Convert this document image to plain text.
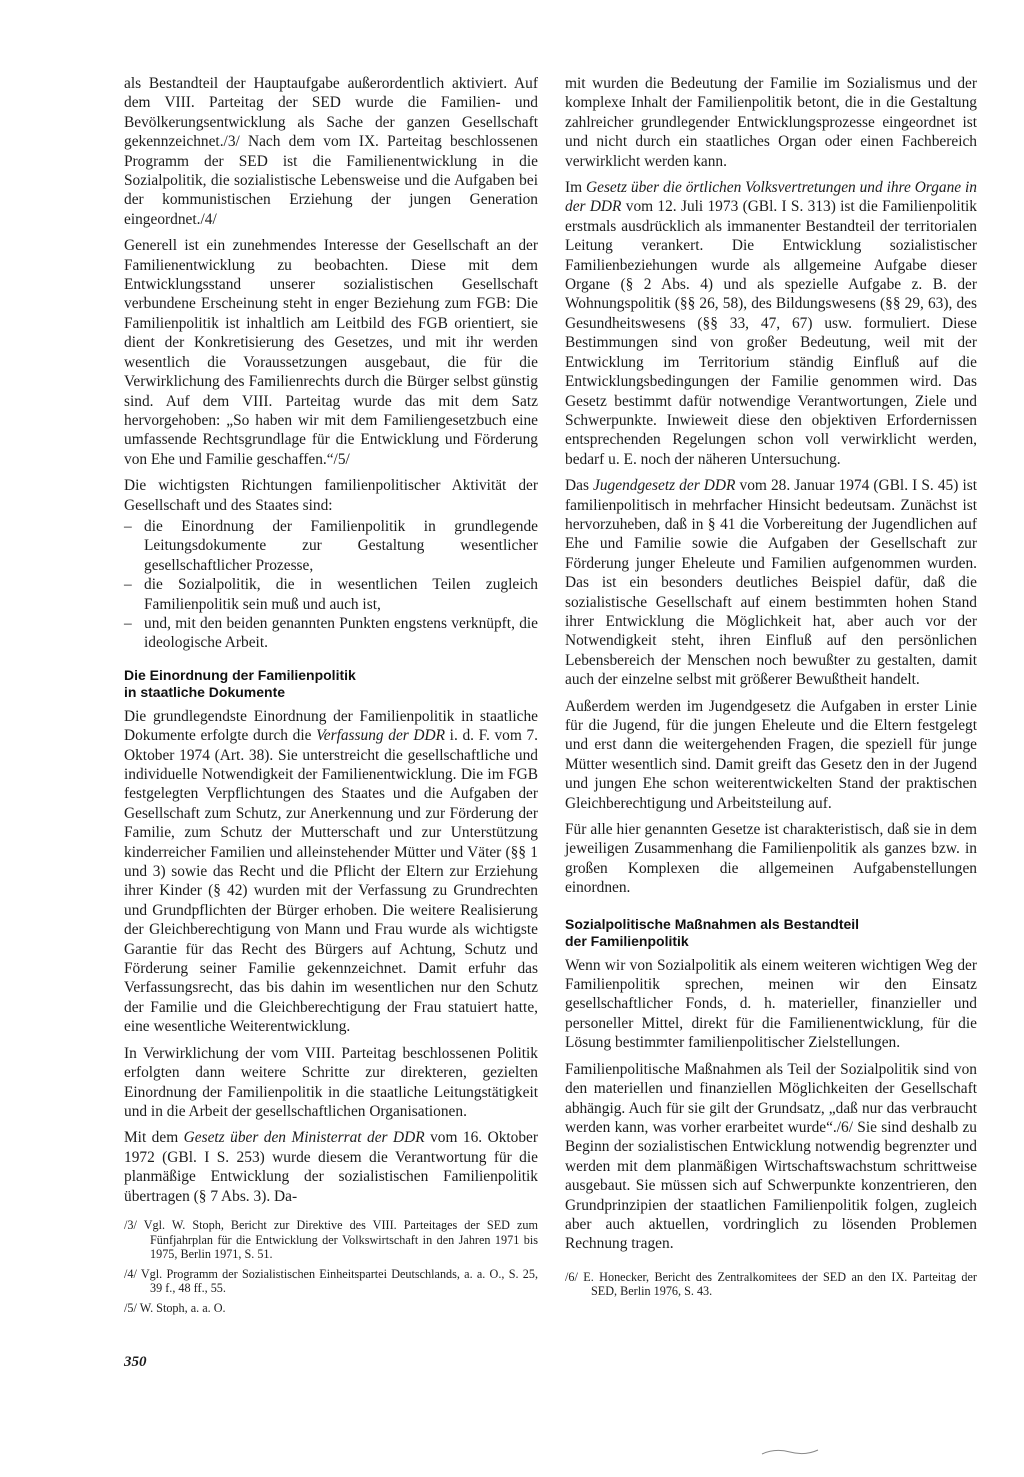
als Bestandteil der Hauptaufgabe außerordentlich aktiviert. Auf dem VIII. Parteitag der SED wurde die Familien- und Bevölkerungsentwicklung als Sache der ganzen Gesellschaft gekennzeichnet./3/ Nach dem vom IX. Parteitag beschlossenen Programm der SED ist die Familienentwicklung in die Sozialpolitik, die sozialistische Lebensweise und die Aufgaben bei der kommunistischen Erziehung der jungen Generation eingeordnet./4/

Generell ist ein zunehmendes Interesse der Gesellschaft an der Familienentwicklung zu beobachten. Diese mit dem Entwicklungsstand unserer sozialistischen Gesellschaft verbundene Erscheinung steht in enger Beziehung zum FGB: Die Familienpolitik ist inhaltlich am Leitbild des FGB orientiert, sie dient der Konkretisierung des Gesetzes, und mit ihr werden wesentlich die Voraussetzungen ausgebaut, die für die Verwirklichung des Familienrechts durch die Bürger selbst günstig sind. Auf dem VIII. Parteitag wurde das mit dem Satz hervorgehoben: „So haben wir mit dem Familiengesetzbuch eine umfassende Rechtsgrundlage für die Entwicklung und Förderung von Ehe und Familie geschaffen.“/5/

Die wichtigsten Richtungen familienpolitischer Aktivität der Gesellschaft und des Staates sind:

– die Einordnung der Familienpolitik in grundlegende Leitungsdokumente zur Gestaltung wesentlicher gesellschaftlicher Prozesse,
– die Sozialpolitik, die in wesentlichen Teilen zugleich Familienpolitik sein muß und auch ist,
– und, mit den beiden genannten Punkten engstens verknüpft, die ideologische Arbeit.
Die Einordnung der Familienpolitik
in staatliche Dokumente

Die grundlegendste Einordnung der Familienpolitik in staatliche Dokumente erfolgte durch die Verfassung der DDR i. d. F. vom 7. Oktober 1974 (Art. 38). Sie unterstreicht die gesellschaftliche und individuelle Notwendigkeit der Familienentwicklung. Die im FGB festgelegten Verpflichtungen des Staates und die Aufgaben der Gesellschaft zum Schutz, zur Anerkennung und zur Förderung der Familie, zum Schutz der Mutterschaft und zur Unterstützung kinderreicher Familien und alleinstehender Mütter und Väter (§§ 1 und 3) sowie das Recht und die Pflicht der Eltern zur Erziehung ihrer Kinder (§ 42) wurden mit der Verfassung zu Grundrechten und Grundpflichten der Bürger erhoben. Die weitere Realisierung der Gleichberechtigung von Mann und Frau wurde als wichtigste Garantie für das Recht des Bürgers auf Achtung, Schutz und Förderung seiner Familie gekennzeichnet. Damit erfuhr das Verfassungsrecht, das bis dahin im wesentlichen nur den Schutz der Familie und die Gleichberechtigung der Frau statuiert hatte, eine wesentliche Weiterentwicklung.

In Verwirklichung der vom VIII. Parteitag beschlossenen Politik erfolgten dann weitere Schritte zur direkteren, gezielten Einordnung der Familienpolitik in die staatliche Leitungstätigkeit und in die Arbeit der gesellschaftlichen Organisationen.

Mit dem Gesetz über den Ministerrat der DDR vom 16. Oktober 1972 (GBl. I S. 253) wurde diesem die Verantwortung für die planmäßige Entwicklung der sozialistischen Familienpolitik übertragen (§ 7 Abs. 3). Da-

/3/ Vgl. W. Stoph, Bericht zur Direktive des VIII. Parteitages der SED zum Fünfjahrplan für die Entwicklung der Volkswirtschaft in den Jahren 1971 bis 1975, Berlin 1971, S. 51.
/4/ Vgl. Programm der Sozialistischen Einheitspartei Deutschlands, a. a. O., S. 25, 39 f., 48 ff., 55.
/5/ W. Stoph, a. a. O.

mit wurden die Bedeutung der Familie im Sozialismus und der komplexe Inhalt der Familienpolitik betont, die in die Gestaltung zahlreicher grundlegender Entwicklungsprozesse eingeordnet ist und nicht durch ein staatliches Organ oder einen Fachbereich verwirklicht werden kann.

Im Gesetz über die örtlichen Volksvertretungen und ihre Organe in der DDR vom 12. Juli 1973 (GBl. I S. 313) ist die Familienpolitik erstmals ausdrücklich als immanenter Bestandteil der territorialen Leitung verankert. Die Entwicklung sozialistischer Familienbeziehungen wurde als allgemeine Aufgabe dieser Organe (§ 2 Abs. 4) und als spezielle Aufgabe z. B. der Wohnungspolitik (§§ 26, 58), des Bildungswesens (§§ 29, 63), des Gesundheitswesens (§§ 33, 47, 67) usw. formuliert. Diese Bestimmungen sind von großer Bedeutung, weil mit der Entwicklung im Territorium ständig Einfluß auf die Entwicklungsbedingungen der Familie genommen wird. Das Gesetz bestimmt dafür notwendige Verantwortungen, Ziele und Schwerpunkte. Inwieweit diese den objektiven Erfordernissen entsprechenden Regelungen schon voll verwirklicht werden, bedarf u. E. noch der näheren Untersuchung.

Das Jugendgesetz der DDR vom 28. Januar 1974 (GBl. I S. 45) ist familienpolitisch in mehrfacher Hinsicht bedeutsam. Zunächst ist hervorzuheben, daß in § 41 die Vorbereitung der Jugendlichen auf Ehe und Familie sowie die Aufgaben der Gesellschaft zur Förderung junger Eheleute und Familien aufgenommen wurden. Das ist ein besonders deutliches Beispiel dafür, daß die sozialistische Gesellschaft auf einem bestimmten hohen Stand ihrer Entwicklung die Möglichkeit hat, aber auch vor der Notwendigkeit steht, ihren Einfluß auf den persönlichen Lebensbereich der Menschen noch bewußter zu gestalten, damit auch der einzelne selbst mit größerer Bewußtheit handelt.

Außerdem werden im Jugendgesetz die Aufgaben in erster Linie für die Jugend, für die jungen Eheleute und die Eltern festgelegt und erst dann die weitergehenden Fragen, die speziell für junge Mütter wesentlich sind. Damit greift das Gesetz den in der Jugend und jungen Ehe schon weiterentwickelten Stand der praktischen Gleichberechtigung und Arbeitsteilung auf.

Für alle hier genannten Gesetze ist charakteristisch, daß sie in dem jeweiligen Zusammenhang die Familienpolitik als ganzes bzw. in großen Komplexen die allgemeinen Aufgabenstellungen einordnen.

Sozialpolitische Maßnahmen als Bestandteil
der Familienpolitik

Wenn wir von Sozialpolitik als einem weiteren wichtigen Weg der Familienpolitik sprechen, meinen wir den Einsatz gesellschaftlicher Fonds, d. h. materieller, finanzieller und personeller Mittel, direkt für die Familienentwicklung, für die Lösung bestimmter familienpolitischer Zielstellungen.

Familienpolitische Maßnahmen als Teil der Sozialpolitik sind von den materiellen und finanziellen Möglichkeiten der Gesellschaft abhängig. Auch für sie gilt der Grundsatz, „daß nur das verbraucht werden kann, was vorher erarbeitet wurde“./6/ Sie sind deshalb zu Beginn der sozialistischen Entwicklung notwendig begrenzter und werden mit dem planmäßigen Wirtschaftswachstum schrittweise ausgebaut. Sie müssen sich auf Schwerpunkte konzentrieren, den Grundprinzipien der staatlichen Familienpolitik folgen, zugleich aber auch aktuellen, vordringlich zu lösenden Problemen Rechnung tragen.

/6/ E. Honecker, Bericht des Zentralkomitees der SED an den IX. Parteitag der SED, Berlin 1976, S. 43.
350
